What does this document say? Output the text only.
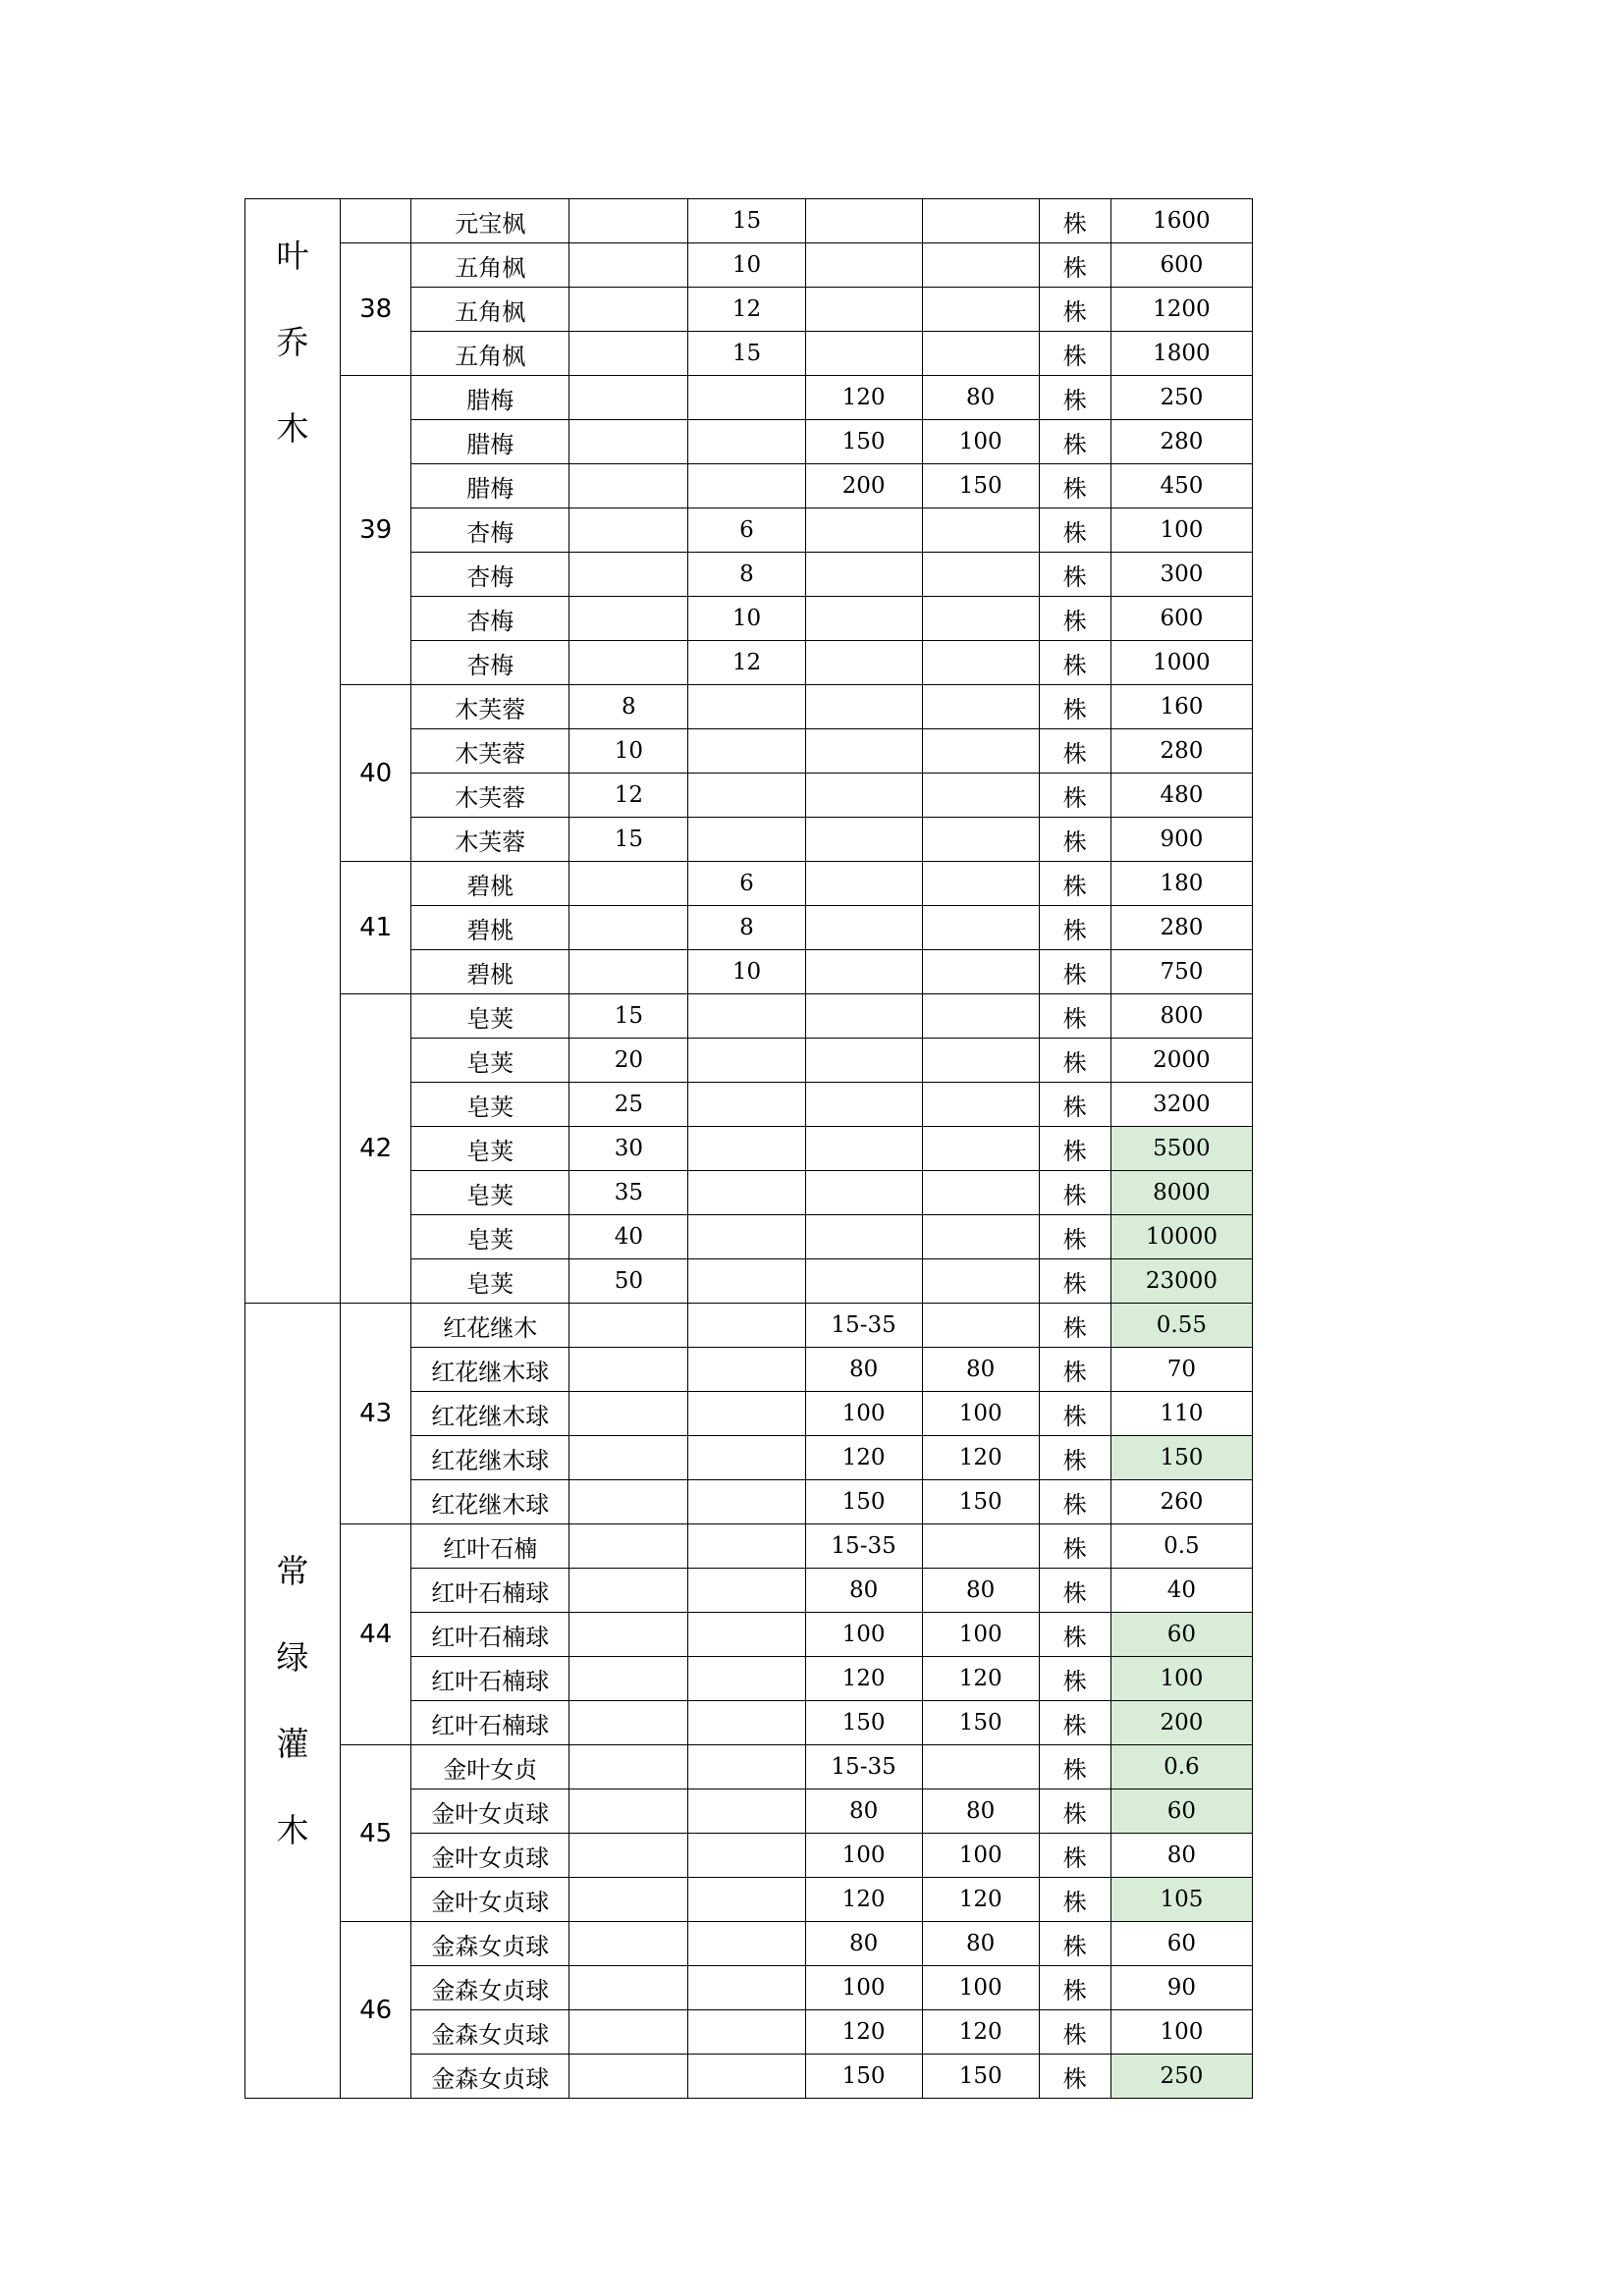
叶乔木		元宝枫		15			株	1600
	38	五角枫		10			株	600
		五角枫		12			株	1200
		五角枫		15			株	1800
	39	腊梅			120	80	株	250
		腊梅			150	100	株	280
		腊梅			200	150	株	450
		杏梅		6			株	100
		杏梅		8			株	300
		杏梅		10			株	600
		杏梅		12			株	1000
	40	木芙蓉	8				株	160
		木芙蓉	10				株	280
		木芙蓉	12				株	480
		木芙蓉	15				株	900
	41	碧桃		6			株	180
		碧桃		8			株	280
		碧桃		10			株	750
	42	皂荚	15				株	800
		皂荚	20				株	2000
		皂荚	25				株	3200
		皂荚	30				株	5500
		皂荚	35				株	8000
		皂荚	40				株	10000
		皂荚	50				株	23000
常绿灌木	43	红花继木			15-35		株	0.55
		红花继木球			80	80	株	70
		红花继木球			100	100	株	110
		红花继木球			120	120	株	150
		红花继木球			150	150	株	260
	44	红叶石楠			15-35		株	0.5
		红叶石楠球			80	80	株	40
		红叶石楠球			100	100	株	60
		红叶石楠球			120	120	株	100
		红叶石楠球			150	150	株	200
	45	金叶女贞			15-35		株	0.6
		金叶女贞球			80	80	株	60
		金叶女贞球			100	100	株	80
		金叶女贞球			120	120	株	105
	46	金森女贞球			80	80	株	60
		金森女贞球			100	100	株	90
		金森女贞球			120	120	株	100
		金森女贞球			150	150	株	250
